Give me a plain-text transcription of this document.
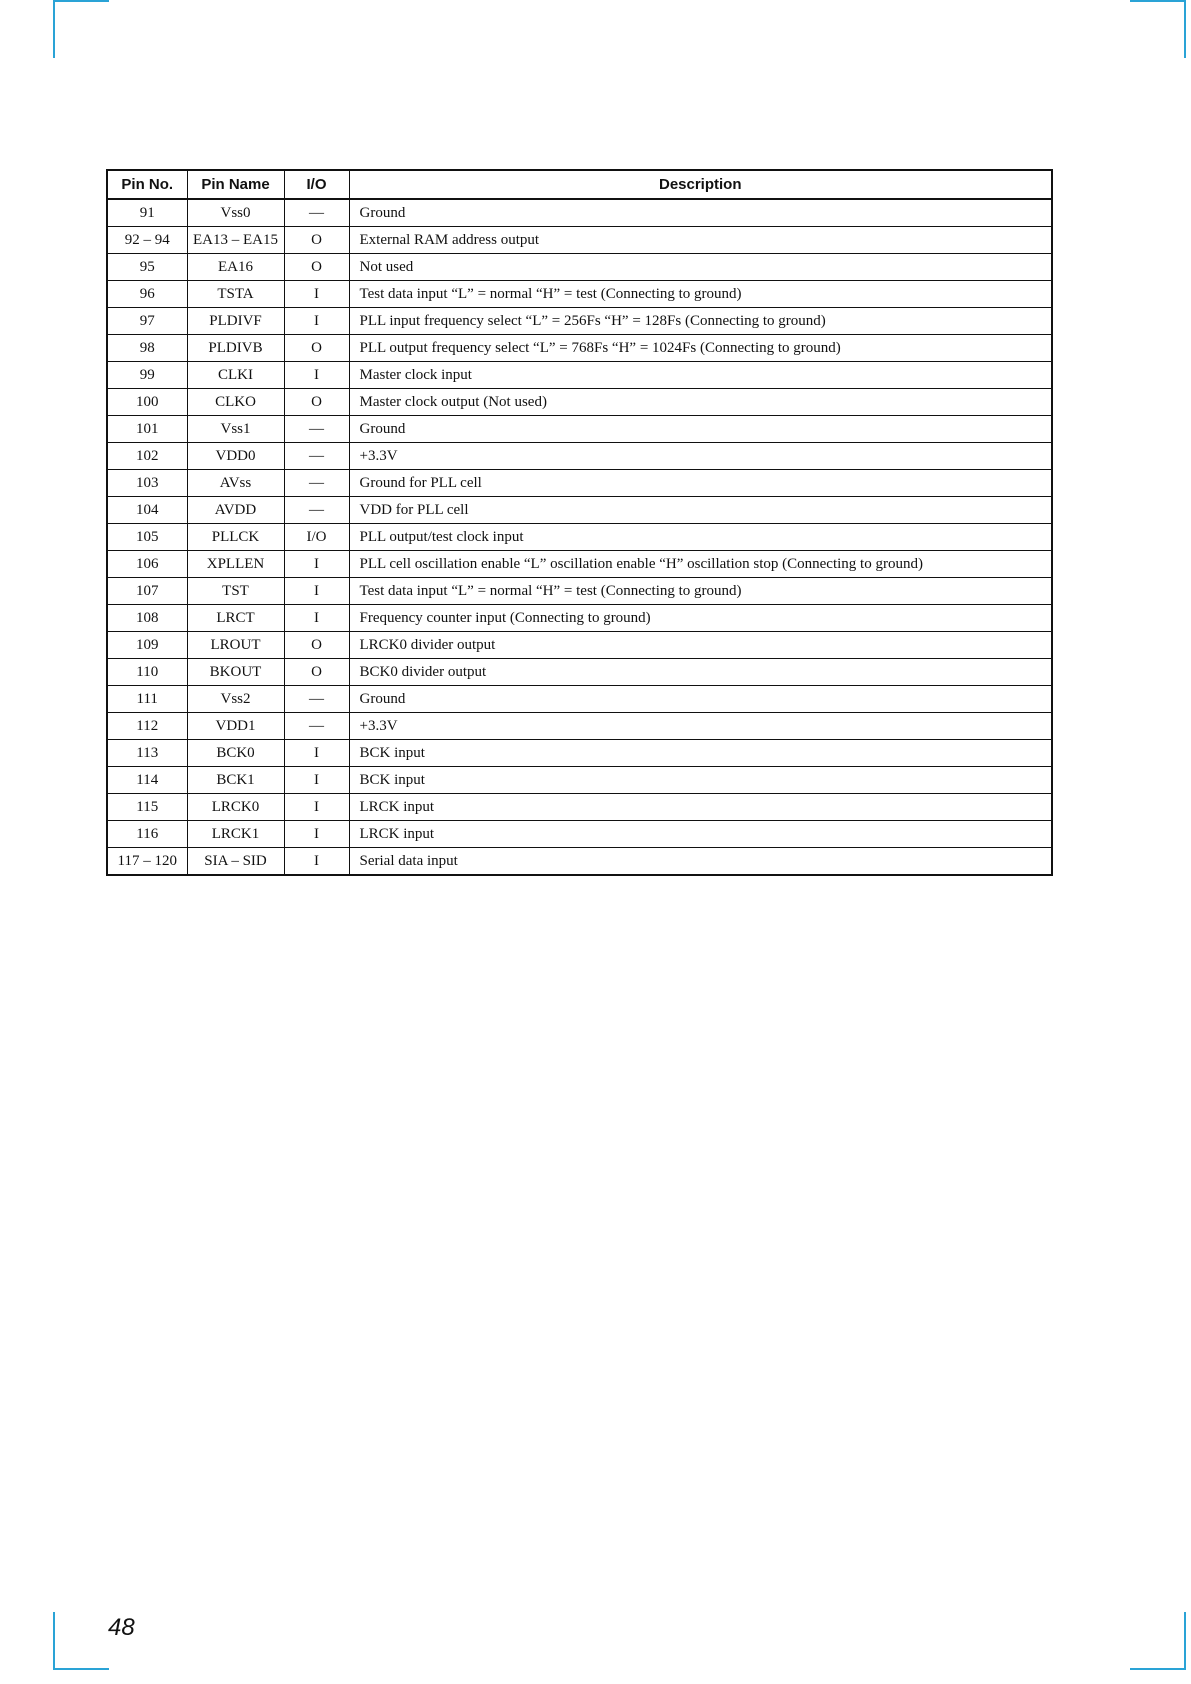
Pin No.	Pin Name	I/O	Description
91	Vss0	—	Ground
92 – 94	EA13 – EA15	O	External RAM address output
95	EA16	O	Not used
96	TSTA	I	Test data input “L” = normal “H” = test (Connecting to ground)
97	PLDIVF	I	PLL input frequency select “L” = 256Fs “H” = 128Fs (Connecting to ground)
98	PLDIVB	O	PLL output frequency select “L” = 768Fs “H” = 1024Fs (Connecting to ground)
99	CLKI	I	Master clock input
100	CLKO	O	Master clock output (Not used)
101	Vss1	—	Ground
102	VDD0	—	+3.3V
103	AVss	—	Ground for PLL cell
104	AVDD	—	VDD for PLL cell
105	PLLCK	I/O	PLL output/test clock input
106	XPLLEN	I	PLL cell oscillation enable “L” oscillation enable “H” oscillation stop (Connecting to ground)
107	TST	I	Test data input “L” = normal “H” = test (Connecting to ground)
108	LRCT	I	Frequency counter input (Connecting to ground)
109	LROUT	O	LRCK0 divider output
110	BKOUT	O	BCK0 divider output
111	Vss2	—	Ground
112	VDD1	—	+3.3V
113	BCK0	I	BCK input
114	BCK1	I	BCK input
115	LRCK0	I	LRCK input
116	LRCK1	I	LRCK input
117 – 120	SIA – SID	I	Serial data input
48
